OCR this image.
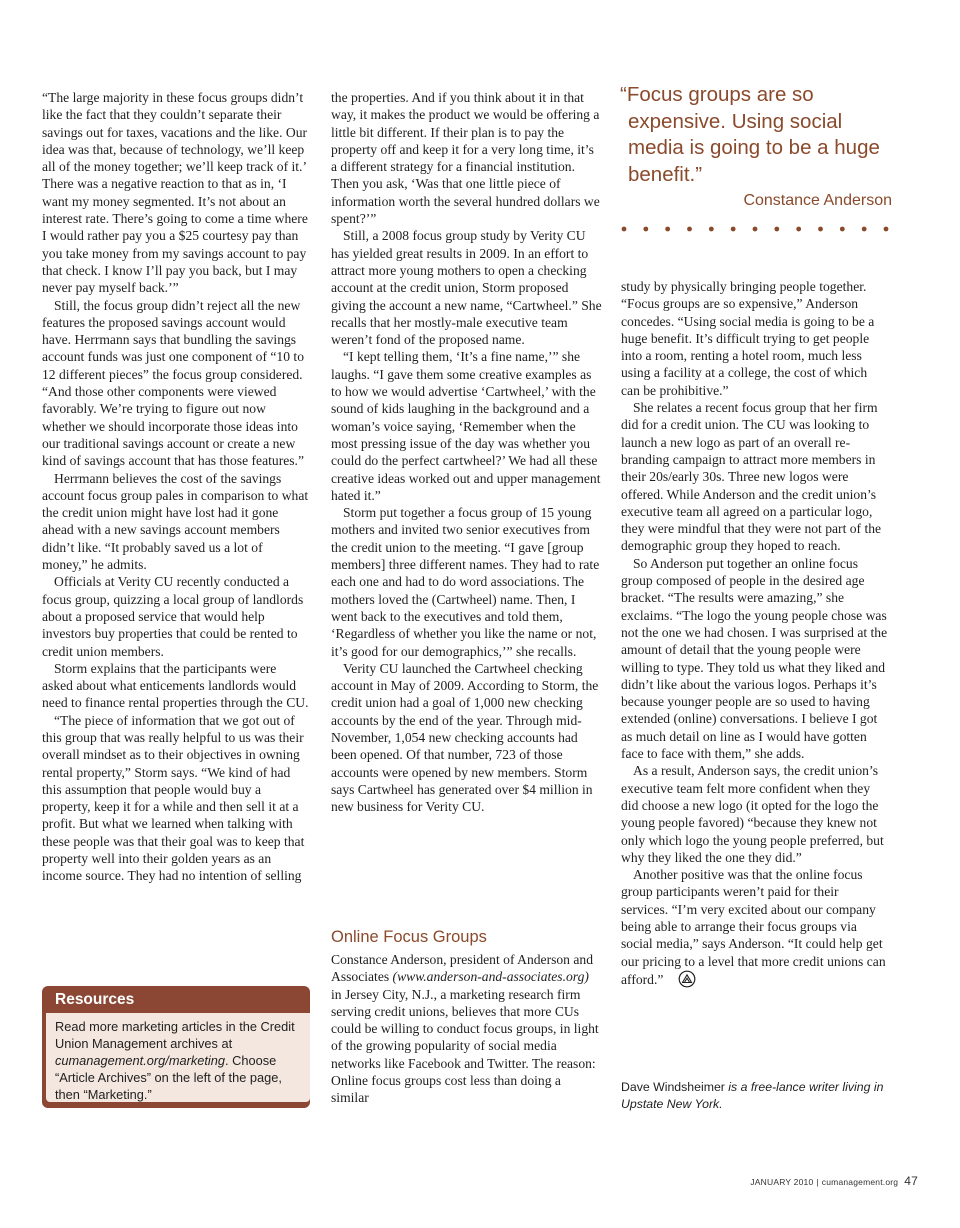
“The large majority in these focus groups didn’t like the fact that they couldn’t separate their savings out for taxes, vacations and the like. Our idea was that, because of technology, we’ll keep all of the money together; we’ll keep track of it.’ There was a negative reaction to that as in, ‘I want my money segmented. It’s not about an interest rate. There’s going to come a time where I would rather pay you a $25 courtesy pay than you take money from my savings account to pay that check. I know I’ll pay you back, but I may never pay myself back.’”

Still, the focus group didn’t reject all the new features the proposed savings account would have. Herrmann says that bundling the savings account funds was just one component of “10 to 12 different pieces” the focus group considered. “And those other components were viewed favorably. We’re trying to figure out now whether we should incorporate those ideas into our traditional savings account or create a new kind of savings account that has those features.”

Herrmann believes the cost of the savings account focus group pales in comparison to what the credit union might have lost had it gone ahead with a new savings account members didn’t like. “It probably saved us a lot of money,” he admits.

Officials at Verity CU recently conducted a focus group, quizzing a local group of landlords about a proposed service that would help investors buy properties that could be rented to credit union members.

Storm explains that the participants were asked about what enticements landlords would need to finance rental properties through the CU.

“The piece of information that we got out of this group that was really helpful to us was their overall mindset as to their objectives in owning rental property,” Storm says. “We kind of had this assumption that people would buy a property, keep it for a while and then sell it at a profit. But what we learned when talking with these people was that their goal was to keep that property well into their golden years as an income source. They had no intention of selling

Resources
Read more marketing articles in the Credit Union Management archives at cumanagement.org/marketing. Choose “Article Archives” on the left of the page, then “Marketing.”

the properties. And if you think about it in that way, it makes the product we would be offering a little bit different. If their plan is to pay the property off and keep it for a very long time, it’s a different strategy for a financial institution. Then you ask, ‘Was that one little piece of information worth the several hundred dollars we spent?’”

Still, a 2008 focus group study by Verity CU has yielded great results in 2009. In an effort to attract more young mothers to open a checking account at the credit union, Storm proposed giving the account a new name, “Cartwheel.” She recalls that her mostly-male executive team weren’t fond of the proposed name.

“I kept telling them, ‘It’s a fine name,’” she laughs. “I gave them some creative examples as to how we would advertise ‘Cartwheel,’ with the sound of kids laughing in the background and a woman’s voice saying, ‘Remember when the most pressing issue of the day was whether you could do the perfect cartwheel?’ We had all these creative ideas worked out and upper management hated it.”

Storm put together a focus group of 15 young mothers and invited two senior executives from the credit union to the meeting. “I gave [group members] three different names. They had to rate each one and had to do word associations. The mothers loved the (Cartwheel) name. Then, I went back to the executives and told them, ‘Regardless of whether you like the name or not, it’s good for our demographics,’” she recalls.

Verity CU launched the Cartwheel checking account in May of 2009. According to Storm, the credit union had a goal of 1,000 new checking accounts by the end of the year. Through mid-November, 1,054 new checking accounts had been opened. Of that number, 723 of those accounts were opened by new members. Storm says Cartwheel has generated over $4 million in new business for Verity CU.

Online Focus Groups

Constance Anderson, president of Anderson and Associates (www.anderson-and-associates.org) in Jersey City, N.J., a marketing research firm serving credit unions, believes that more CUs could be willing to conduct focus groups, in light of the growing popularity of social media networks like Facebook and Twitter. The reason: Online focus groups cost less than doing a similar

“Focus groups are so expensive. Using social media is going to be a huge benefit.”
Constance Anderson

study by physically bringing people together. “Focus groups are so expensive,” Anderson concedes. “Using social media is going to be a huge benefit. It’s difficult trying to get people into a room, renting a hotel room, much less using a facility at a college, the cost of which can be prohibitive.”

She relates a recent focus group that her firm did for a credit union. The CU was looking to launch a new logo as part of an overall re-branding campaign to attract more members in their 20s/early 30s. Three new logos were offered. While Anderson and the credit union’s executive team all agreed on a particular logo, they were mindful that they were not part of the demographic group they hoped to reach.

So Anderson put together an online focus group composed of people in the desired age bracket. “The results were amazing,” she exclaims. “The logo the young people chose was not the one we had chosen. I was surprised at the amount of detail that the young people were willing to type. They told us what they liked and didn’t like about the various logos. Perhaps it’s because younger people are so used to having extended (online) conversations. I believe I got as much detail on line as I would have gotten face to face with them,” she adds.

As a result, Anderson says, the credit union’s executive team felt more confident when they did choose a new logo (it opted for the logo the young people favored) “because they knew not only which logo the young people preferred, but why they liked the one they did.”

Another positive was that the online focus group participants weren’t paid for their services. “I’m very excited about our company being able to arrange their focus groups via social media,” says Anderson. “It could help get our pricing to a level that more credit unions can afford.”

Dave Windsheimer is a free-lance writer living in Upstate New York.
JANUARY 2010 | cumanagement.org 47
